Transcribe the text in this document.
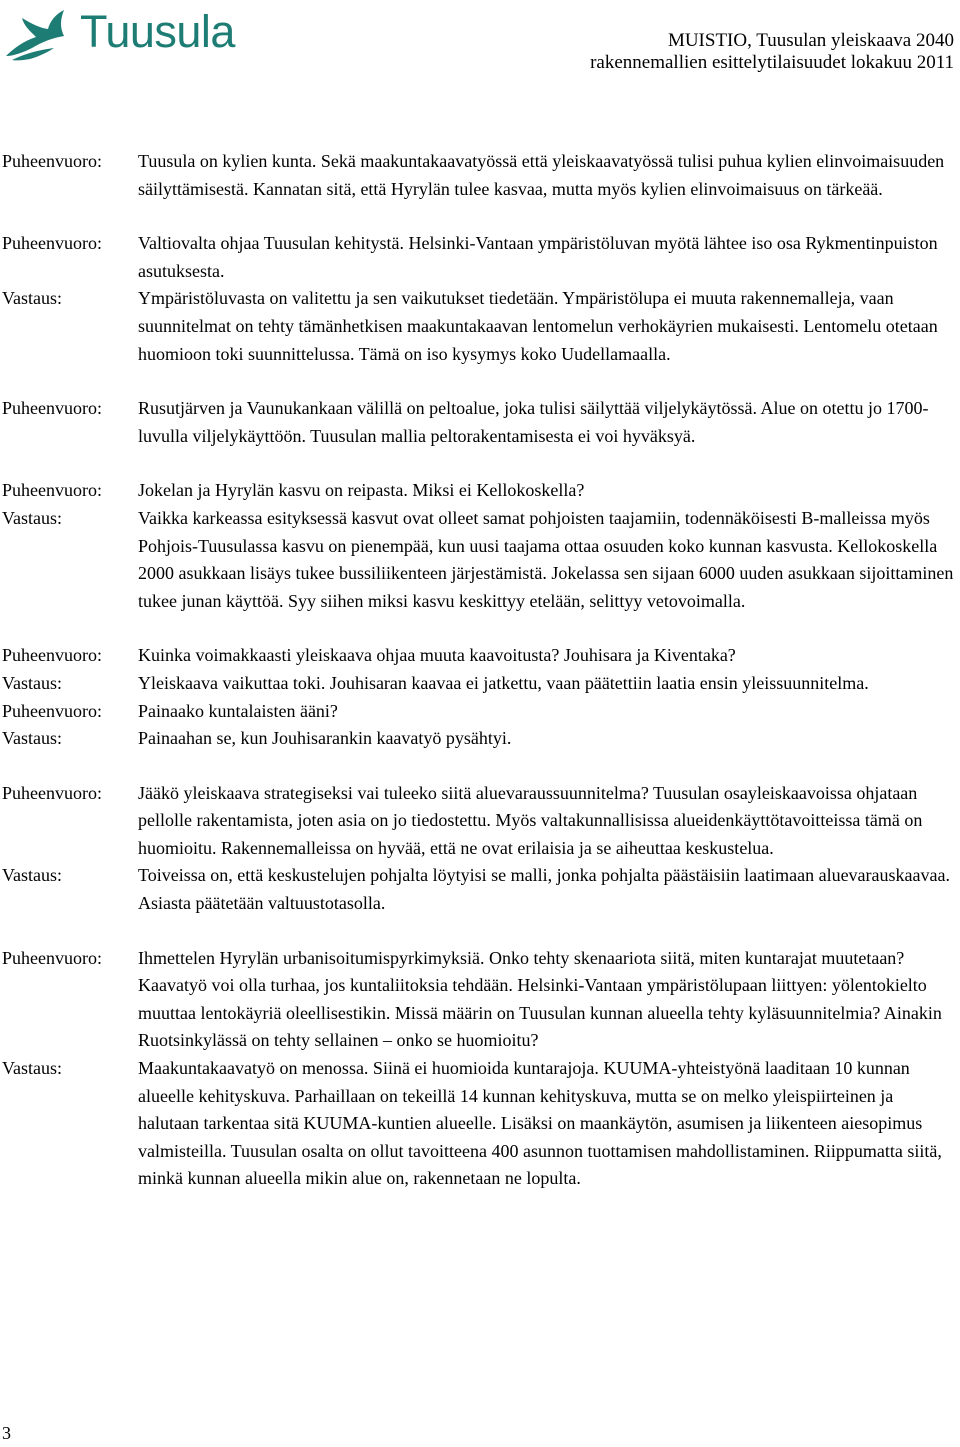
Tuusula	MUISTIO, Tuusulan yleiskaava 2040
rakennemallien esittelytilaisuudet lokakuu 2011
Puheenvuoro:	Tuusula on kylien kunta. Sekä maakuntakaavatyössä että yleiskaavatyössä tulisi puhua kylien elinvoimaisuuden säilyttämisestä. Kannatan sitä, että Hyrylän tulee kasvaa, mutta myös kylien elinvoimaisuus on tärkeää.
Puheenvuoro:	Valtiovalta ohjaa Tuusulan kehitystä. Helsinki-Vantaan ympäristöluvan myötä lähtee iso osa Rykmentinpuiston asutuksesta.
Vastaus:	Ympäristöluvasta on valitettu ja sen vaikutukset tiedetään. Ympäristölupa ei muuta rakennemalleja, vaan suunnitelmat on tehty tämänhetkisen maakuntakaavan lentomelun verhokäyrien mukaisesti. Lentomelu otetaan huomioon toki suunnittelussa. Tämä on iso kysymys koko Uudellamaalla.
Puheenvuoro:	Rusutjärven ja Vaunukankaan välillä on peltoalue, joka tulisi säilyttää viljelykäytössä. Alue on otettu jo 1700-luvulla viljelykäyttöön. Tuusulan mallia peltorakentamisesta ei voi hyväksyä.
Puheenvuoro:	Jokelan ja Hyrylän kasvu on reipasta. Miksi ei Kellokoskella?
Vastaus:	Vaikka karkeassa esityksessä kasvut ovat olleet samat pohjoisten taajamiin, todennäköisesti B-malleissa myös Pohjois-Tuusulassa kasvu on pienempää, kun uusi taajama ottaa osuuden koko kunnan kasvusta. Kellokoskella 2000 asukkaan lisäys tukee bussiliikenteen järjestämistä. Jokelassa sen sijaan 6000 uuden asukkaan sijoittaminen tukee junan käyttöä. Syy siihen miksi kasvu keskittyy etelään, selittyy vetovoimalla.
Puheenvuoro:	Kuinka voimakkaasti yleiskaava ohjaa muuta kaavoitusta? Jouhisara ja Kiventaka?
Vastaus:	Yleiskaava vaikuttaa toki. Jouhisaran kaavaa ei jatkettu, vaan päätettiin laatia ensin yleissuunnitelma.
Puheenvuoro:	Painaako kuntalaisten ääni?
Vastaus:	Painaahan se, kun Jouhisarankin kaavatyö pysähtyi.
Puheenvuoro:	Jääkö yleiskaava strategiseksi vai tuleeko siitä aluevaraussuunnitelma? Tuusulan osayleiskaavoissa ohjataan pellolle rakentamista, joten asia on jo tiedostettu. Myös valtakunnallisissa alueidenkäyttötavoitteissa tämä on huomioitu. Rakennemalleissa on hyvää, että ne ovat erilaisia ja se aiheuttaa keskustelua.
Vastaus:	Toiveissa on, että keskustelujen pohjalta löytyisi se malli, jonka pohjalta päästäisiin laatimaan aluevarauskaavaa. Asiasta päätetään valtuustotasolla.
Puheenvuoro:	Ihmettelen Hyrylän urbanisoitumispyrkimyksiä. Onko tehty skenaariota siitä, miten kuntarajat muutetaan? Kaavatyö voi olla turhaa, jos kuntaliitoksia tehdään. Helsinki-Vantaan ympäristölupaan liittyen: yölentokielto muuttaa lentokäyriä oleellisestikin. Missä määrin on Tuusulan kunnan alueella tehty kyläsuunnitelmia? Ainakin Ruotsinkylässä on tehty sellainen – onko se huomioitu?
Vastaus:	Maakuntakaavatyö on menossa. Siinä ei huomioida kuntarajoja. KUUMA-yhteistyönä laaditaan 10 kunnan alueelle kehityskuva. Parhaillaan on tekeillä 14 kunnan kehityskuva, mutta se on melko yleispiirteinen ja halutaan tarkentaa sitä KUUMA-kuntien alueelle. Lisäksi on maankäytön, asumisen ja liikenteen aiesopimus valmisteilla. Tuusulan osalta on ollut tavoitteena 400 asunnon tuottamisen mahdollistaminen. Riippumatta siitä, minkä kunnan alueella mikin alue on, rakennetaan ne lopulta.
3
